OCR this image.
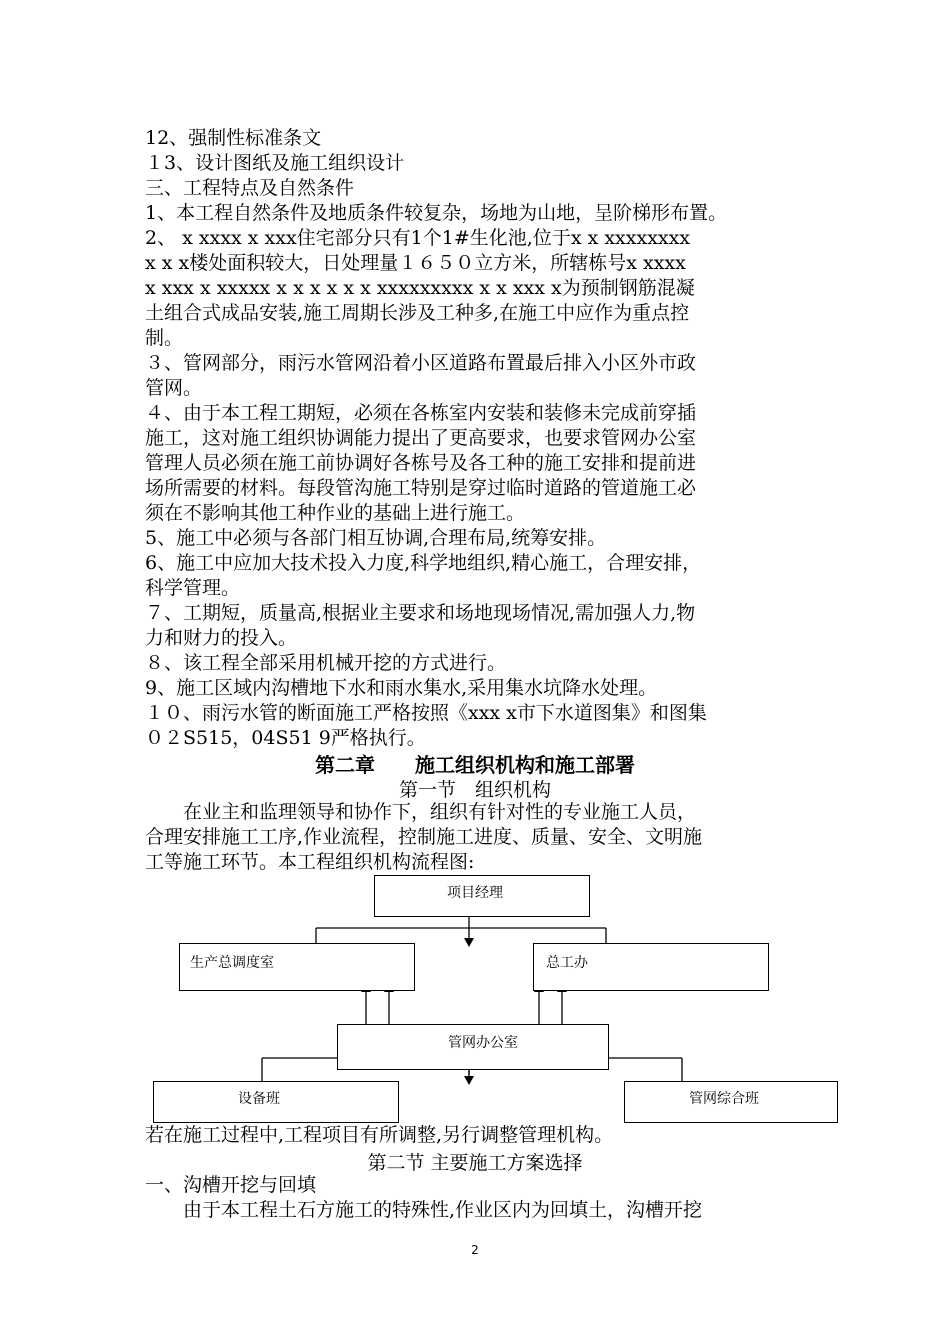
12、强制性标准条文
１3、设计图纸及施工组织设计
三、工程特点及自然条件
1、本工程自然条件及地质条件较复杂，场地为山地，呈阶梯形布置。
2、 x xxxx x xxx住宅部分只有1个1#生化池,位于x x xxxxxxxx
x x x楼处面积较大，日处理量１６５０立方米，所辖栋号x xxxx
x xxx x xxxxx x x x x x x xxxxxxxxx x x xxx x为预制钢筋混凝
土组合式成品安装,施工周期长涉及工种多,在施工中应作为重点控
制。
３、管网部分，雨污水管网沿着小区道路布置最后排入小区外市政
管网。
４、由于本工程工期短，必须在各栋室内安装和装修未完成前穿插
施工，这对施工组织协调能力提出了更高要求，也要求管网办公室
管理人员必须在施工前协调好各栋号及各工种的施工安排和提前进
场所需要的材料。每段管沟施工特别是穿过临时道路的管道施工必
须在不影响其他工种作业的基础上进行施工。
5、施工中必须与各部门相互协调,合理布局,统筹安排。
6、施工中应加大技术投入力度,科学地组织,精心施工，合理安排，
科学管理。
７、工期短，质量高,根据业主要求和场地现场情况,需加强人力,物
力和财力的投入。
８、该工程全部采用机械开挖的方式进行。
9、施工区域内沟槽地下水和雨水集水,采用集水坑降水处理。
１０、雨污水管的断面施工严格按照《xxx x市下水道图集》和图集
０２S515，04S51 9严格执行。
第二章　　施工组织机构和施工部署
第一节　组织机构
　　在业主和监理领导和协作下，组织有针对性的专业施工人员，
合理安排施工工序,作业流程，控制施工进度、质量、安全、文明施
工等施工环节。本工程组织机构流程图:
项目经理
生产总调度室	总工办
管网办公室
设备班	管网综合班
若在施工过程中,工程项目有所调整,另行调整管理机构。
第二节 主要施工方案选择
一、沟槽开挖与回填
　　由于本工程土石方施工的特殊性,作业区内为回填土，沟槽开挖
2
